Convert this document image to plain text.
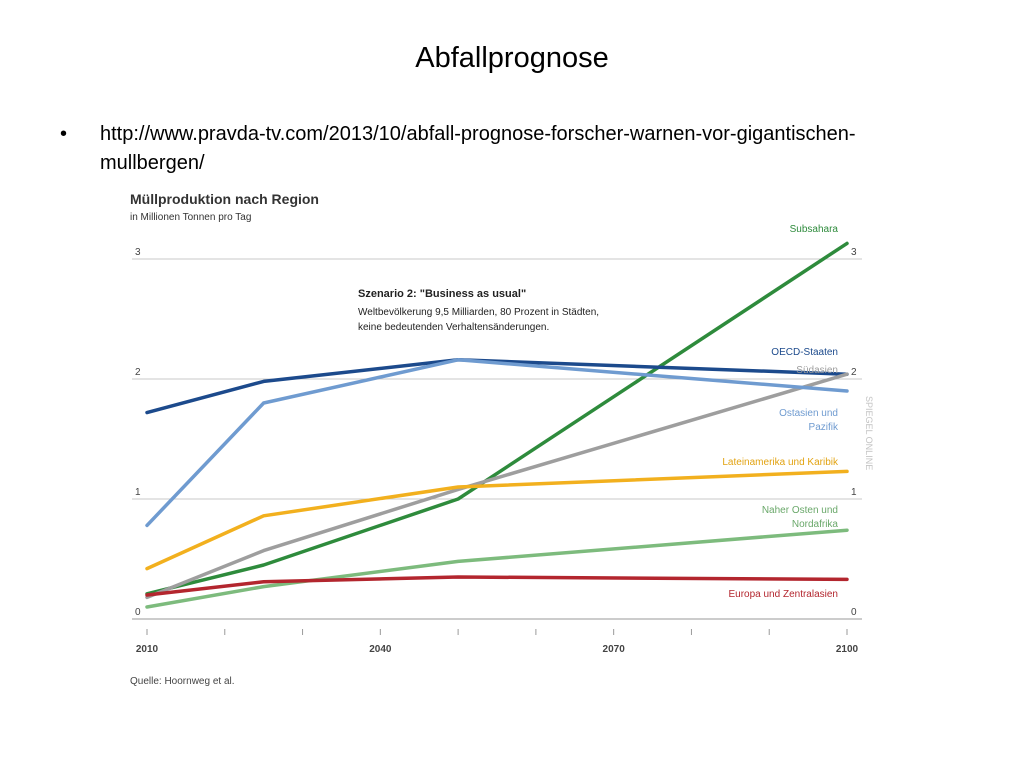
Abfallprognose
• http://www.pravda-tv.com/2013/10/abfall-prognose-forscher-warnen-vor-gigantischen-mullbergen/
Müllproduktion nach Region
in Millionen Tonnen pro Tag
0	0
1	1
2	2
3	3
2010	2040	2070	2100
Szenario 2: "Business as usual"
Weltbevölkerung 9,5 Milliarden, 80 Prozent in Städten,
keine bedeutenden Verhaltensänderungen.
SPIEGEL ONLINE
Subsahara
OECD-Staaten
Südasien
Ostasien und
Pazifik
Lateinamerika und Karibik
Naher Osten und
Nordafrika
Europa und Zentralasien
Quelle: Hoornweg et al.
